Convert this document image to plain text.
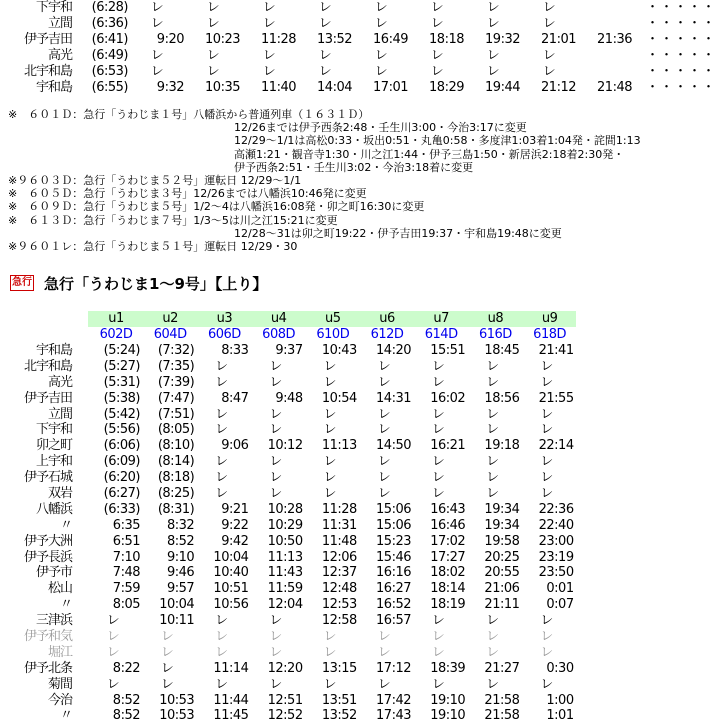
下宇和	(6:28)	レ	レ	レ	レ	レ	レ	レ	レ	・・・・・
立間	(6:36)	レ	レ	レ	レ	レ	レ	レ	レ	・・・・・
伊予吉田	(6:41)	9:20	10:23	11:28	13:52	16:49	18:18	19:32	21:01	21:36 ・・・・・
高光	(6:49)	レ	レ	レ	レ	レ	レ	レ	レ	・・・・・
北宇和島	(6:53)	レ	レ	レ	レ	レ	レ	レ	レ	・・・・・
宇和島	(6:55)	9:32	10:35	11:40	14:04	17:01	18:29	19:44	21:12	21:48 ・・・・・
※　６０１Ｄ：急行「うわじま１号」八幡浜から普通列車（１６３１Ｄ）
12/26までは伊予西条2:48・壬生川3:00・今治3:17に変更
12/29～1/1は高松0:33・坂出0:51・丸亀0:58・多度津1:03着1:04発・詫間1:13
高瀬1:21・観音寺1:30・川之江1:44・伊予三島1:50・新居浜2:18着2:30発・
伊予西条2:51・壬生川3:02・今治3:18着に変更
※９６０３Ｄ：急行「うわじま５２号」運転日 12/29～1/1
※　６０５Ｄ：急行「うわじま３号」12/26までは八幡浜10:46発に変更
※　６０９Ｄ：急行「うわじま５号」1/2～4は八幡浜16:08発・卯之町16:30に変更
※　６１３Ｄ：急行「うわじま７号」1/3～5は川之江15:21に変更
12/28～31は卯之町19:22・伊予吉田19:37・宇和島19:48に変更
※９６０１レ：急行「うわじま５１号」運転日 12/29・30
急行 急行「うわじま1～9号」【上り】
u1	u2	u3	u4	u5	u6	u7	u8	u9
602D	604D	606D	608D	610D	612D	614D	616D	618D
宇和島	(5:24)	(7:32)	8:33	9:37	10:43	14:20	15:51	18:45	21:41
北宇和島	(5:27)	(7:35)	レ	レ	レ	レ	レ	レ	レ
高光	(5:31)	(7:39)	レ	レ	レ	レ	レ	レ	レ
伊予吉田	(5:38)	(7:47)	8:47	9:48	10:54	14:31	16:02	18:56	21:55
立間	(5:42)	(7:51)	レ	レ	レ	レ	レ	レ	レ
下宇和	(5:56)	(8:05)	レ	レ	レ	レ	レ	レ	レ
卯之町	(6:06)	(8:10)	9:06	10:12	11:13	14:50	16:21	19:18	22:14
上宇和	(6:09)	(8:14)	レ	レ	レ	レ	レ	レ	レ
伊予石城	(6:20)	(8:18)	レ	レ	レ	レ	レ	レ	レ
双岩	(6:27)	(8:25)	レ	レ	レ	レ	レ	レ	レ
八幡浜	(6:33)	(8:31)	9:21	10:28	11:28	15:06	16:43	19:34	22:36
〃	6:35	8:32	9:22	10:29	11:31	15:06	16:46	19:34	22:40
伊予大洲	6:51	8:52	9:42	10:50	11:48	15:23	17:02	19:58	23:00
伊予長浜	7:10	9:10	10:04	11:13	12:06	15:46	17:27	20:25	23:19
伊予市	7:48	9:46	10:40	11:43	12:37	16:16	18:02	20:55	23:50
松山	7:59	9:57	10:51	11:59	12:48	16:27	18:14	21:06	0:01
〃	8:05	10:04	10:56	12:04	12:53	16:52	18:19	21:11	0:07
三津浜	レ	10:11	レ	レ	12:58	16:57	レ	レ	レ
伊予和気	レ	レ	レ	レ	レ	レ	レ	レ	レ
堀江	レ	レ	レ	レ	レ	レ	レ	レ	レ
伊予北条	8:22	レ	11:14	12:20	13:15	17:12	18:39	21:27	0:30
菊間	レ	レ	レ	レ	レ	レ	レ	レ	レ
今治	8:52	10:53	11:44	12:51	13:51	17:42	19:10	21:58	1:00
〃	8:52	10:53	11:45	12:52	13:52	17:43	19:10	21:58	1:01
